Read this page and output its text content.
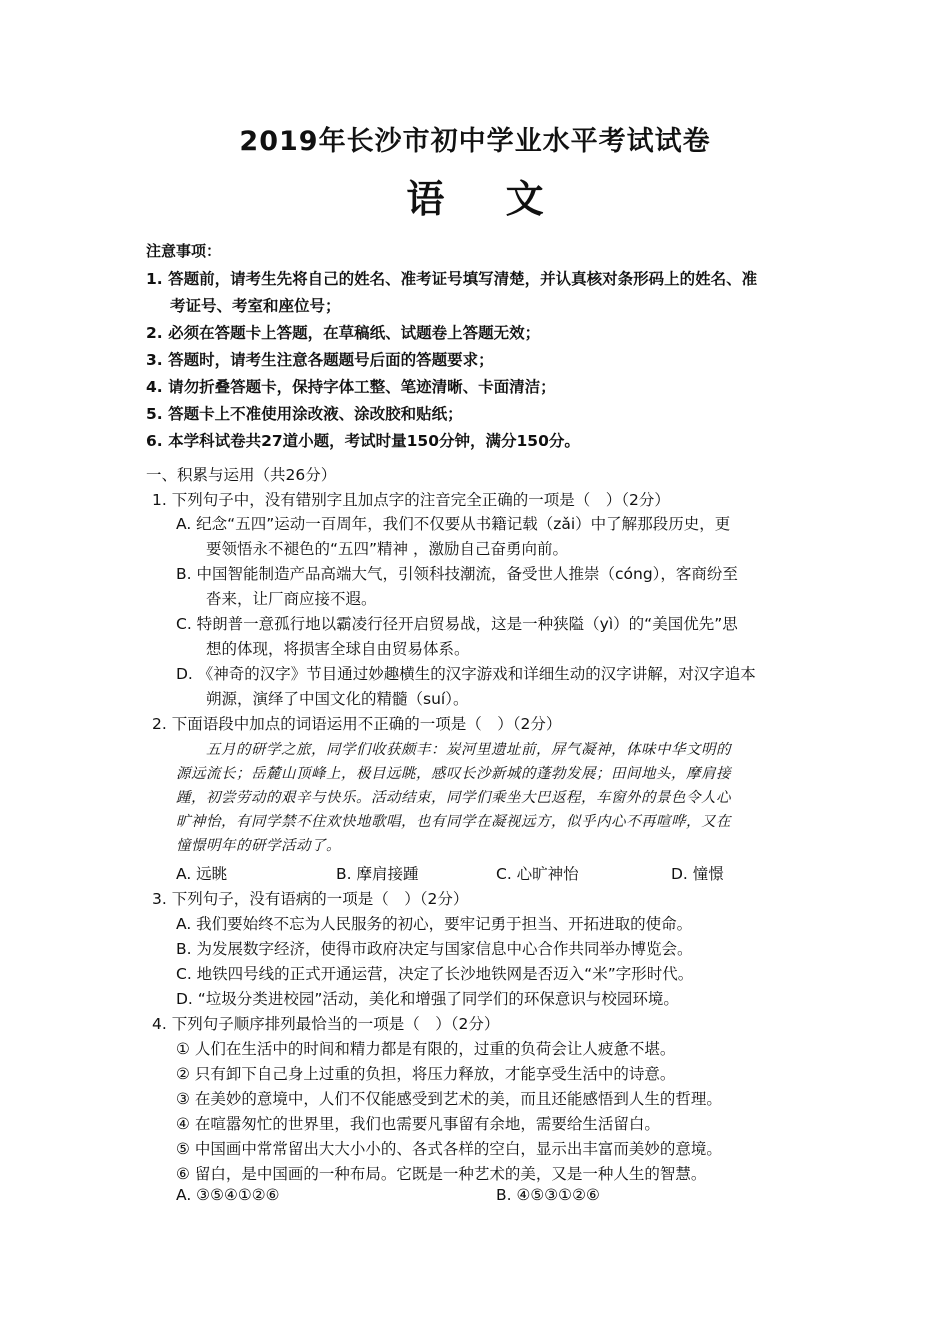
2019年长沙市初中学业水平考试试卷
语 文
注意事项：
1. 答题前，请考生先将自己的姓名、准考证号填写清楚，并认真核对条形码上的姓名、准
考证号、考室和座位号；
2. 必须在答题卡上答题，在草稿纸、试题卷上答题无效；
3. 答题时，请考生注意各题题号后面的答题要求；
4. 请勿折叠答题卡，保持字体工整、笔迹清晰、卡面清洁；
5. 答题卡上不准使用涂改液、涂改胶和贴纸；
6. 本学科试卷共27道小题，考试时量150分钟，满分150分。
一、积累与运用（共26分）
1. 下列句子中，没有错别字且加点字的注音完全正确的一项是（　）（2分）
A. 纪念“五四”运动一百周年，我们不仅要从书籍记载（zǎi）中了解那段历史，更
要领悟永不褪色的“五四”精神 ，激励自己奋勇向前。
B. 中国智能制造产品高端大气，引领科技潮流，备受世人推崇（cóng），客商纷至
沓来，让厂商应接不遐。
C. 特朗普一意孤行地以霸凌行径开启贸易战，这是一种狭隘（yì）的“美国优先”思
想的体现，将损害全球自由贸易体系。
D. 《神奇的汉字》节目通过妙趣横生的汉字游戏和详细生动的汉字讲解，对汉字追本
朔源，演绎了中国文化的精髓（suí）。
2. 下面语段中加点的词语运用不正确的一项是（　）（2分）
五月的研学之旅，同学们收获颇丰：炭河里遗址前，屏气凝神，体味中华文明的
源远流长；岳麓山顶峰上，极目远眺，感叹长沙新城的蓬勃发展；田间地头，摩肩接
踵，初尝劳动的艰辛与快乐。活动结束，同学们乘坐大巴返程，车窗外的景色令人心
旷神怡，有同学禁不住欢快地歌唱，也有同学在凝视远方，似乎内心不再喧哗，又在
憧憬明年的研学活动了。
A. 远眺	B. 摩肩接踵	C. 心旷神怡	D. 憧憬
3. 下列句子，没有语病的一项是（　）（2分）
A. 我们要始终不忘为人民服务的初心，要牢记勇于担当、开拓进取的使命。
B. 为发展数字经济，使得市政府决定与国家信息中心合作共同举办博览会。
C. 地铁四号线的正式开通运营，决定了长沙地铁网是否迈入“米”字形时代。
D. “垃圾分类进校园”活动，美化和增强了同学们的环保意识与校园环境。
4. 下列句子顺序排列最恰当的一项是（　）（2分）
① 人们在生活中的时间和精力都是有限的，过重的负荷会让人疲惫不堪。
② 只有卸下自己身上过重的负担，将压力释放，才能享受生活中的诗意。
③ 在美妙的意境中，人们不仅能感受到艺术的美，而且还能感悟到人生的哲理。
④ 在喧嚣匆忙的世界里，我们也需要凡事留有余地，需要给生活留白。
⑤ 中国画中常常留出大大小小的、各式各样的空白，显示出丰富而美妙的意境。
⑥ 留白，是中国画的一种布局。它既是一种艺术的美，又是一种人生的智慧。
A. ③⑤④①②⑥	B. ④⑤③①②⑥
